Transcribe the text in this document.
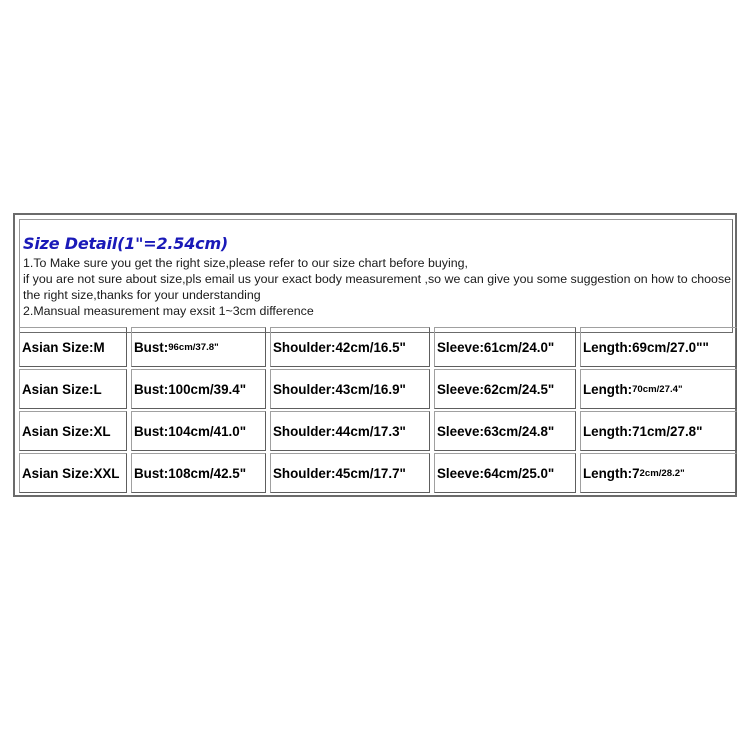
Size Detail(1"=2.54cm)
1.To Make sure you get the right size,please refer to our size chart before buying,
if you are not sure about size,pls email us your exact body measurement ,so we can give you some suggestion on how to choose
the right size,thanks for your understanding
2.Mansual measurement may exsit 1~3cm difference
Asian Size:M	Bust: 96cm/37.8"	Shoulder:42cm/16.5"	Sleeve:61cm/24.0"	Length:69cm/27.0""
Asian Size:L	Bust:100cm/39.4" Shoulder:43cm/16.9"	Sleeve:62cm/24.5"	Length: 70cm/27.4"
Asian Size:XL	Bust:104cm/41.0" Shoulder:44cm/17.3"	Sleeve:63cm/24.8"	Length:71cm/27.8"
Asian Size:XXL	Bust:108cm/42.5" Shoulder:45cm/17.7"	Sleeve:64cm/25.0"	Length:7 2cm/28.2"
